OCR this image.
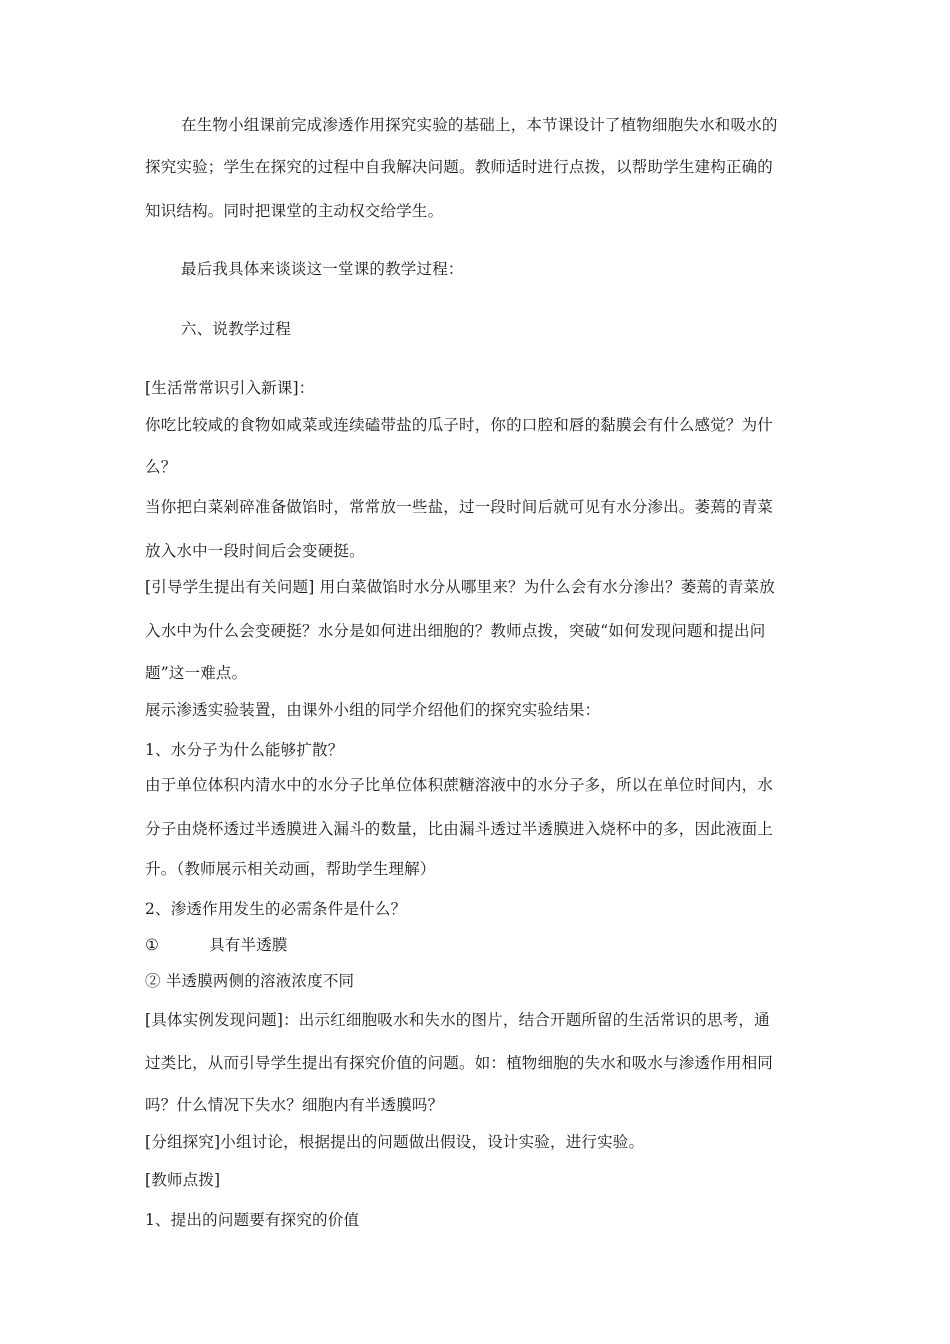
在生物小组课前完成渗透作用探究实验的基础上，本节课设计了植物细胞失水和吸水的
探究实验；学生在探究的过程中自我解决问题。教师适时进行点拨，以帮助学生建构正确的
知识结构。同时把课堂的主动权交给学生。
最后我具体来谈谈这一堂课的教学过程：
六、说教学过程
[生活常常识引入新课]：
你吃比较咸的食物如咸菜或连续磕带盐的瓜子时，你的口腔和唇的黏膜会有什么感觉？为什
么？
当你把白菜剁碎准备做馅时，常常放一些盐，过一段时间后就可见有水分渗出。萎蔫的青菜
放入水中一段时间后会变硬挺。
[引导学生提出有关问题] 用白菜做馅时水分从哪里来？为什么会有水分渗出？萎蔫的青菜放
入水中为什么会变硬挺？水分是如何进出细胞的？教师点拨，突破“如何发现问题和提出问
题”这一难点。
展示渗透实验装置，由课外小组的同学介绍他们的探究实验结果：
1、水分子为什么能够扩散？
由于单位体积内清水中的水分子比单位体积蔗糖溶液中的水分子多，所以在单位时间内，水
分子由烧杯透过半透膜进入漏斗的数量，比由漏斗透过半透膜进入烧杯中的多，因此液面上
升。（教师展示相关动画，帮助学生理解）
2、渗透作用发生的必需条件是什么？
①	具有半透膜
② 半透膜两侧的溶液浓度不同
[具体实例发现问题]：出示红细胞吸水和失水的图片，结合开题所留的生活常识的思考，通
过类比，从而引导学生提出有探究价值的问题。如：植物细胞的失水和吸水与渗透作用相同
吗？什么情况下失水？细胞内有半透膜吗？
[分组探究]小组讨论，根据提出的问题做出假设，设计实验，进行实验。
[教师点拨]
1、提出的问题要有探究的价值
